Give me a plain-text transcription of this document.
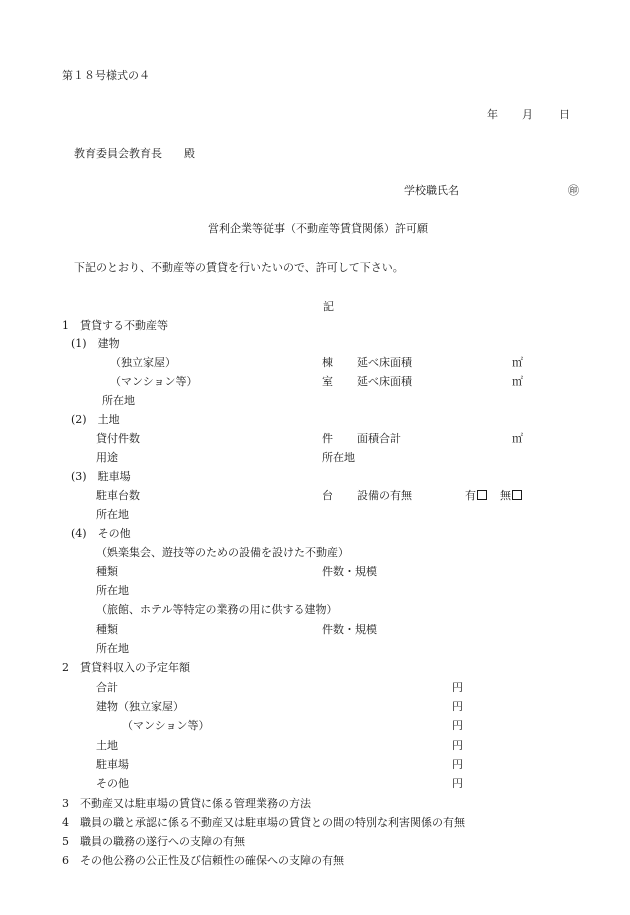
第１８号様式の４
年 月 日
教育委員会教育長　　殿
学校職氏名	㊞
営利企業等従事（不動産等賃貸関係）許可願
下記のとおり、不動産等の賃貸を行いたいので、許可して下さい。
記
1　賃貸する不動産等
(1)　建物
（独立家屋）	棟 延べ床面積	㎡
（マンション等）	室 延べ床面積	㎡
所在地
(2)　土地
貸付件数	件 面積合計	㎡
用途	所在地
(3)　駐車場
駐車台数	台 設備の有無	有	無
所在地
(4)　その他
（娯楽集会、遊技等のための設備を設けた不動産）
種類	件数・規模
所在地
（旅館、ホテル等特定の業務の用に供する建物）
種類	件数・規模
所在地
2　賃貸料収入の予定年額
合計	円
建物（独立家屋）	円
（マンション等）	円
土地	円
駐車場	円
その他	円
3　不動産又は駐車場の賃貸に係る管理業務の方法
4　職員の職と承認に係る不動産又は駐車場の賃貸との間の特別な利害関係の有無
5　職員の職務の遂行への支障の有無
6　その他公務の公正性及び信頼性の確保への支障の有無
